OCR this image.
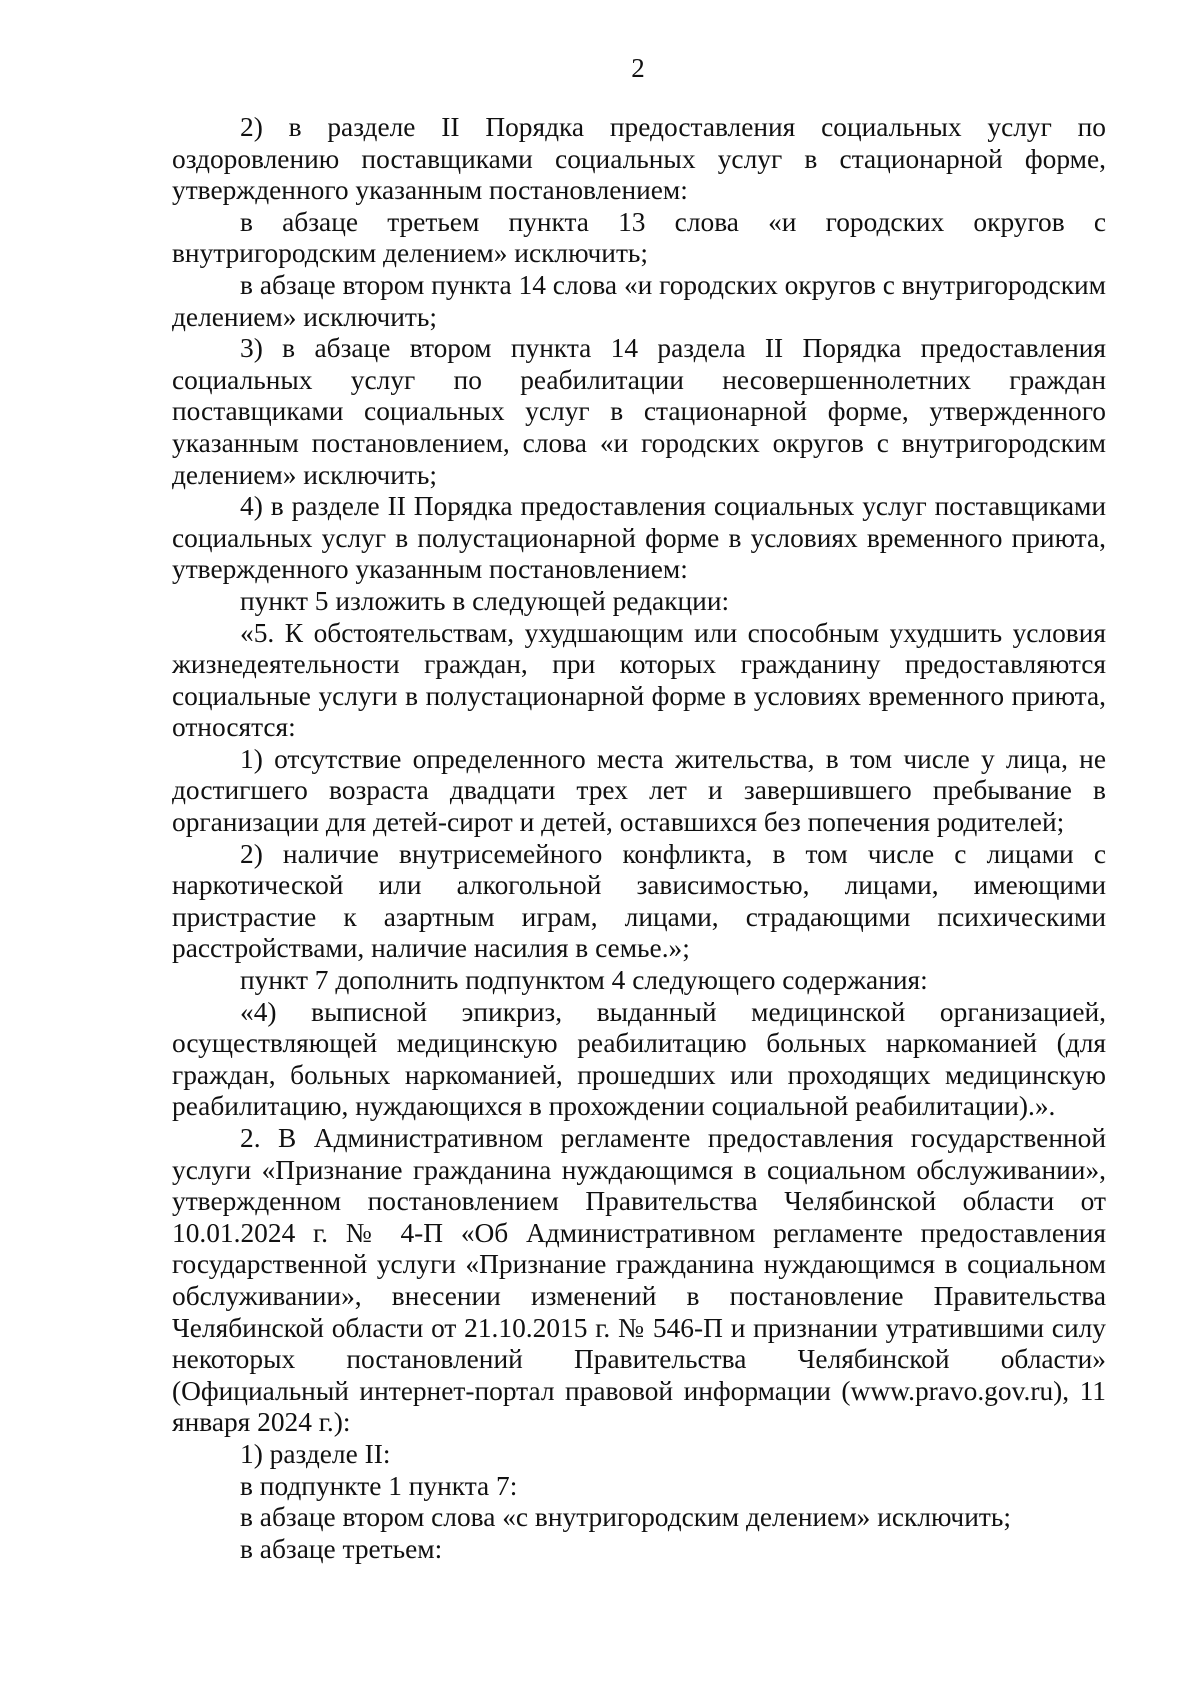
2

2) в разделе II Порядка предоставления социальных услуг по оздоровлению поставщиками социальных услуг в стационарной форме, утвержденного указанным постановлением:

в абзаце третьем пункта 13 слова «и городских округов с внутригородским делением» исключить;

в абзаце втором пункта 14 слова «и городских округов с внутригородским делением» исключить;

3) в абзаце втором пункта 14 раздела II Порядка предоставления социальных услуг по реабилитации несовершеннолетних граждан поставщиками социальных услуг в стационарной форме, утвержденного указанным постановлением, слова «и городских округов с внутригородским делением» исключить;

4) в разделе II Порядка предоставления социальных услуг поставщиками социальных услуг в полустационарной форме в условиях временного приюта, утвержденного указанным постановлением:

пункт 5 изложить в следующей редакции:

«5. К обстоятельствам, ухудшающим или способным ухудшить условия жизнедеятельности граждан, при которых гражданину предоставляются социальные услуги в полустационарной форме в условиях временного приюта, относятся:

1) отсутствие определенного места жительства, в том числе у лица, не достигшего возраста двадцати трех лет и завершившего пребывание в организации для детей-сирот и детей, оставшихся без попечения родителей;

2) наличие внутрисемейного конфликта, в том числе с лицами с наркотической или алкогольной зависимостью, лицами, имеющими пристрастие к азартным играм, лицами, страдающими психическими расстройствами, наличие насилия в семье.»;

пункт 7 дополнить подпунктом 4 следующего содержания:

«4) выписной эпикриз, выданный медицинской организацией, осуществляющей медицинскую реабилитацию больных наркоманией (для граждан, больных наркоманией, прошедших или проходящих медицинскую реабилитацию, нуждающихся в прохождении социальной реабилитации).».

2. В Административном регламенте предоставления государственной услуги «Признание гражданина нуждающимся в социальном обслуживании», утвержденном постановлением Правительства Челябинской области от 10.01.2024 г. № 4-П «Об Административном регламенте предоставления государственной услуги «Признание гражданина нуждающимся в социальном обслуживании», внесении изменений в постановление Правительства Челябинской области от 21.10.2015 г. № 546-П и признании утратившими силу некоторых постановлений Правительства Челябинской области» (Официальный интернет-портал правовой информации (www.pravo.gov.ru), 11 января 2024 г.):

1) разделе II:

в подпункте 1 пункта 7:

в абзаце втором слова «с внутригородским делением» исключить;

в абзаце третьем:
